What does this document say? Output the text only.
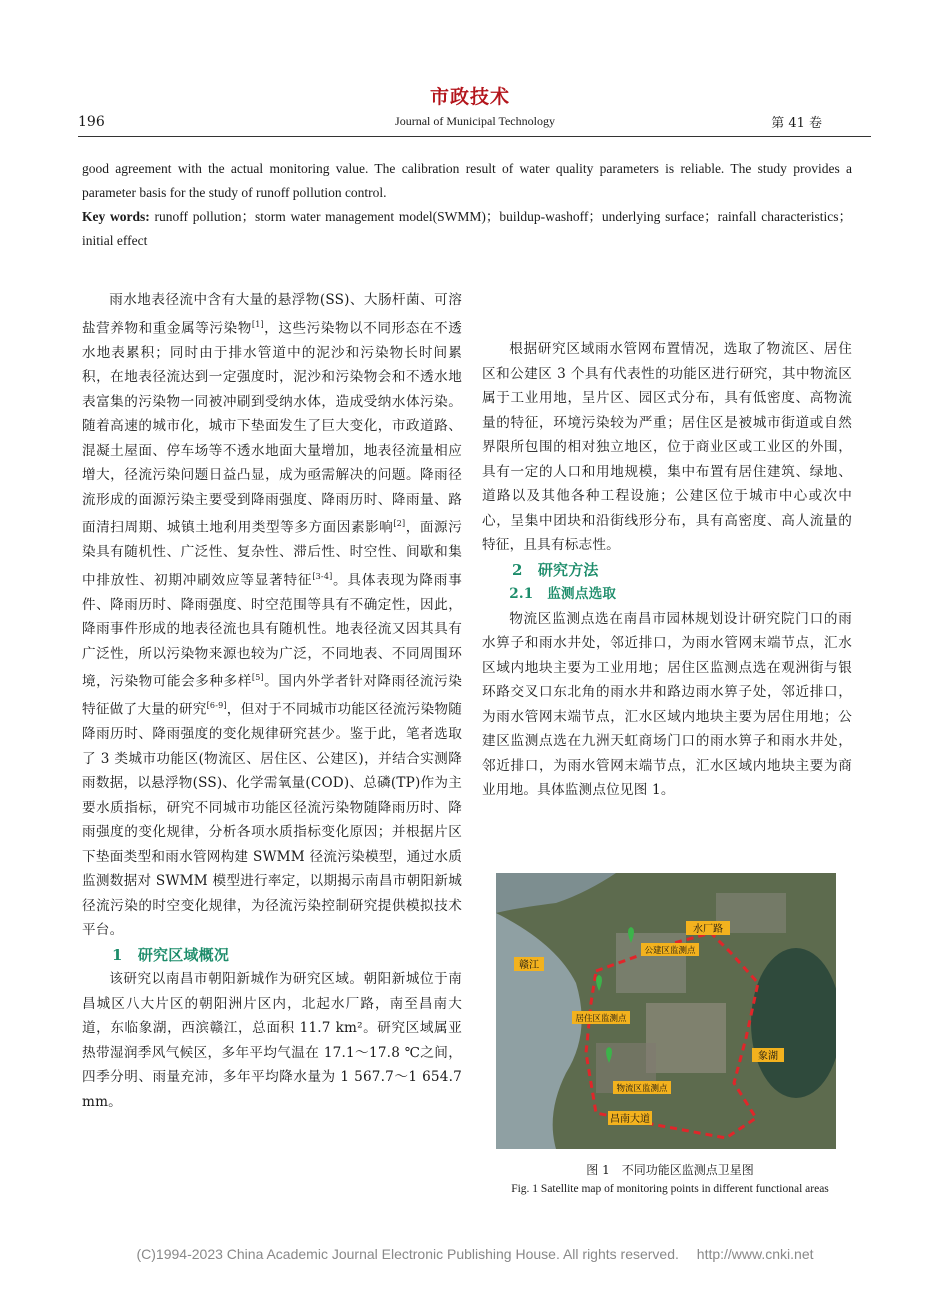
市政技术
196	Journal of Municipal Technology	第 41 卷

good agreement with the actual monitoring value. The calibration result of water quality parameters is reliable. The study provides a parameter basis for the study of runoff pollution control.

Key words: runoff pollution；storm water management model(SWMM)；buildup-washoff；underlying surface；rainfall characteristics；initial effect

雨水地表径流中含有大量的悬浮物(SS)、大肠杆菌、可溶盐营养物和重金属等污染物[1]，这些污染物以不同形态在不透水地表累积；同时由于排水管道中的泥沙和污染物长时间累积，在地表径流达到一定强度时，泥沙和污染物会和不透水地表富集的污染物一同被冲刷到受纳水体，造成受纳水体污染。随着高速的城市化，城市下垫面发生了巨大变化，市政道路、混凝土屋面、停车场等不透水地面大量增加，地表径流量相应增大，径流污染问题日益凸显，成为亟需解决的问题。降雨径流形成的面源污染主要受到降雨强度、降雨历时、降雨量、路面清扫周期、城镇土地利用类型等多方面因素影响[2]，面源污染具有随机性、广泛性、复杂性、滞后性、时空性、间歇和集中排放性、初期冲刷效应等显著特征[3-4]。具体表现为降雨事件、降雨历时、降雨强度、时空范围等具有不确定性，因此，降雨事件形成的地表径流也具有随机性。地表径流又因其具有广泛性，所以污染物来源也较为广泛，不同地表、不同周围环境，污染物可能会多种多样[5]。国内外学者针对降雨径流污染特征做了大量的研究[6-9]，但对于不同城市功能区径流污染物随降雨历时、降雨强度的变化规律研究甚少。鉴于此，笔者选取了 3 类城市功能区(物流区、居住区、公建区)，并结合实测降雨数据，以悬浮物(SS)、化学需氧量(COD)、总磷(TP)作为主要水质指标，研究不同城市功能区径流污染物随降雨历时、降雨强度的变化规律，分析各项水质指标变化原因；并根据片区下垫面类型和雨水管网构建 SWMM 径流污染模型，通过水质监测数据对 SWMM 模型进行率定，以期揭示南昌市朝阳新城径流污染的时空变化规律，为径流污染控制研究提供模拟技术平台。

1　研究区域概况

该研究以南昌市朝阳新城作为研究区域。朝阳新城位于南昌城区八大片区的朝阳洲片区内，北起水厂路，南至昌南大道，东临象湖，西滨赣江，总面积 11.7 km²。研究区域属亚热带湿润季风气候区，多年平均气温在 17.1～17.8 ℃之间，四季分明、雨量充沛，多年平均降水量为 1 567.7～1 654.7 mm。

根据研究区域雨水管网布置情况，选取了物流区、居住区和公建区 3 个具有代表性的功能区进行研究，其中物流区属于工业用地，呈片区、园区式分布，具有低密度、高物流量的特征，环境污染较为严重；居住区是被城市街道或自然界限所包围的相对独立地区，位于商业区或工业区的外围，具有一定的人口和用地规模，集中布置有居住建筑、绿地、道路以及其他各种工程设施；公建区位于城市中心或次中心，呈集中团块和沿街线形分布，具有高密度、高人流量的特征，且具有标志性。

2　研究方法

2.1　监测点选取

物流区监测点选在南昌市园林规划设计研究院门口的雨水箅子和雨水井处，邻近排口，为雨水管网末端节点，汇水区域内地块主要为工业用地；居住区监测点选在观洲街与银环路交叉口东北角的雨水井和路边雨水箅子处，邻近排口，为雨水管网末端节点，汇水区域内地块主要为居住用地；公建区监测点选在九洲天虹商场门口的雨水箅子和雨水井处，邻近排口，为雨水管网末端节点，汇水区域内地块主要为商业用地。具体监测点位见图 1。

水厂路
公建区监测点
赣江
居住区监测点
象湖
物流区监测点
昌南大道
图 1　不同功能区监测点卫星图
Fig. 1 Satellite map of monitoring points in different functional areas
(C)1994-2023 China Academic Journal Electronic Publishing House. All rights reserved.　 http://www.cnki.net
